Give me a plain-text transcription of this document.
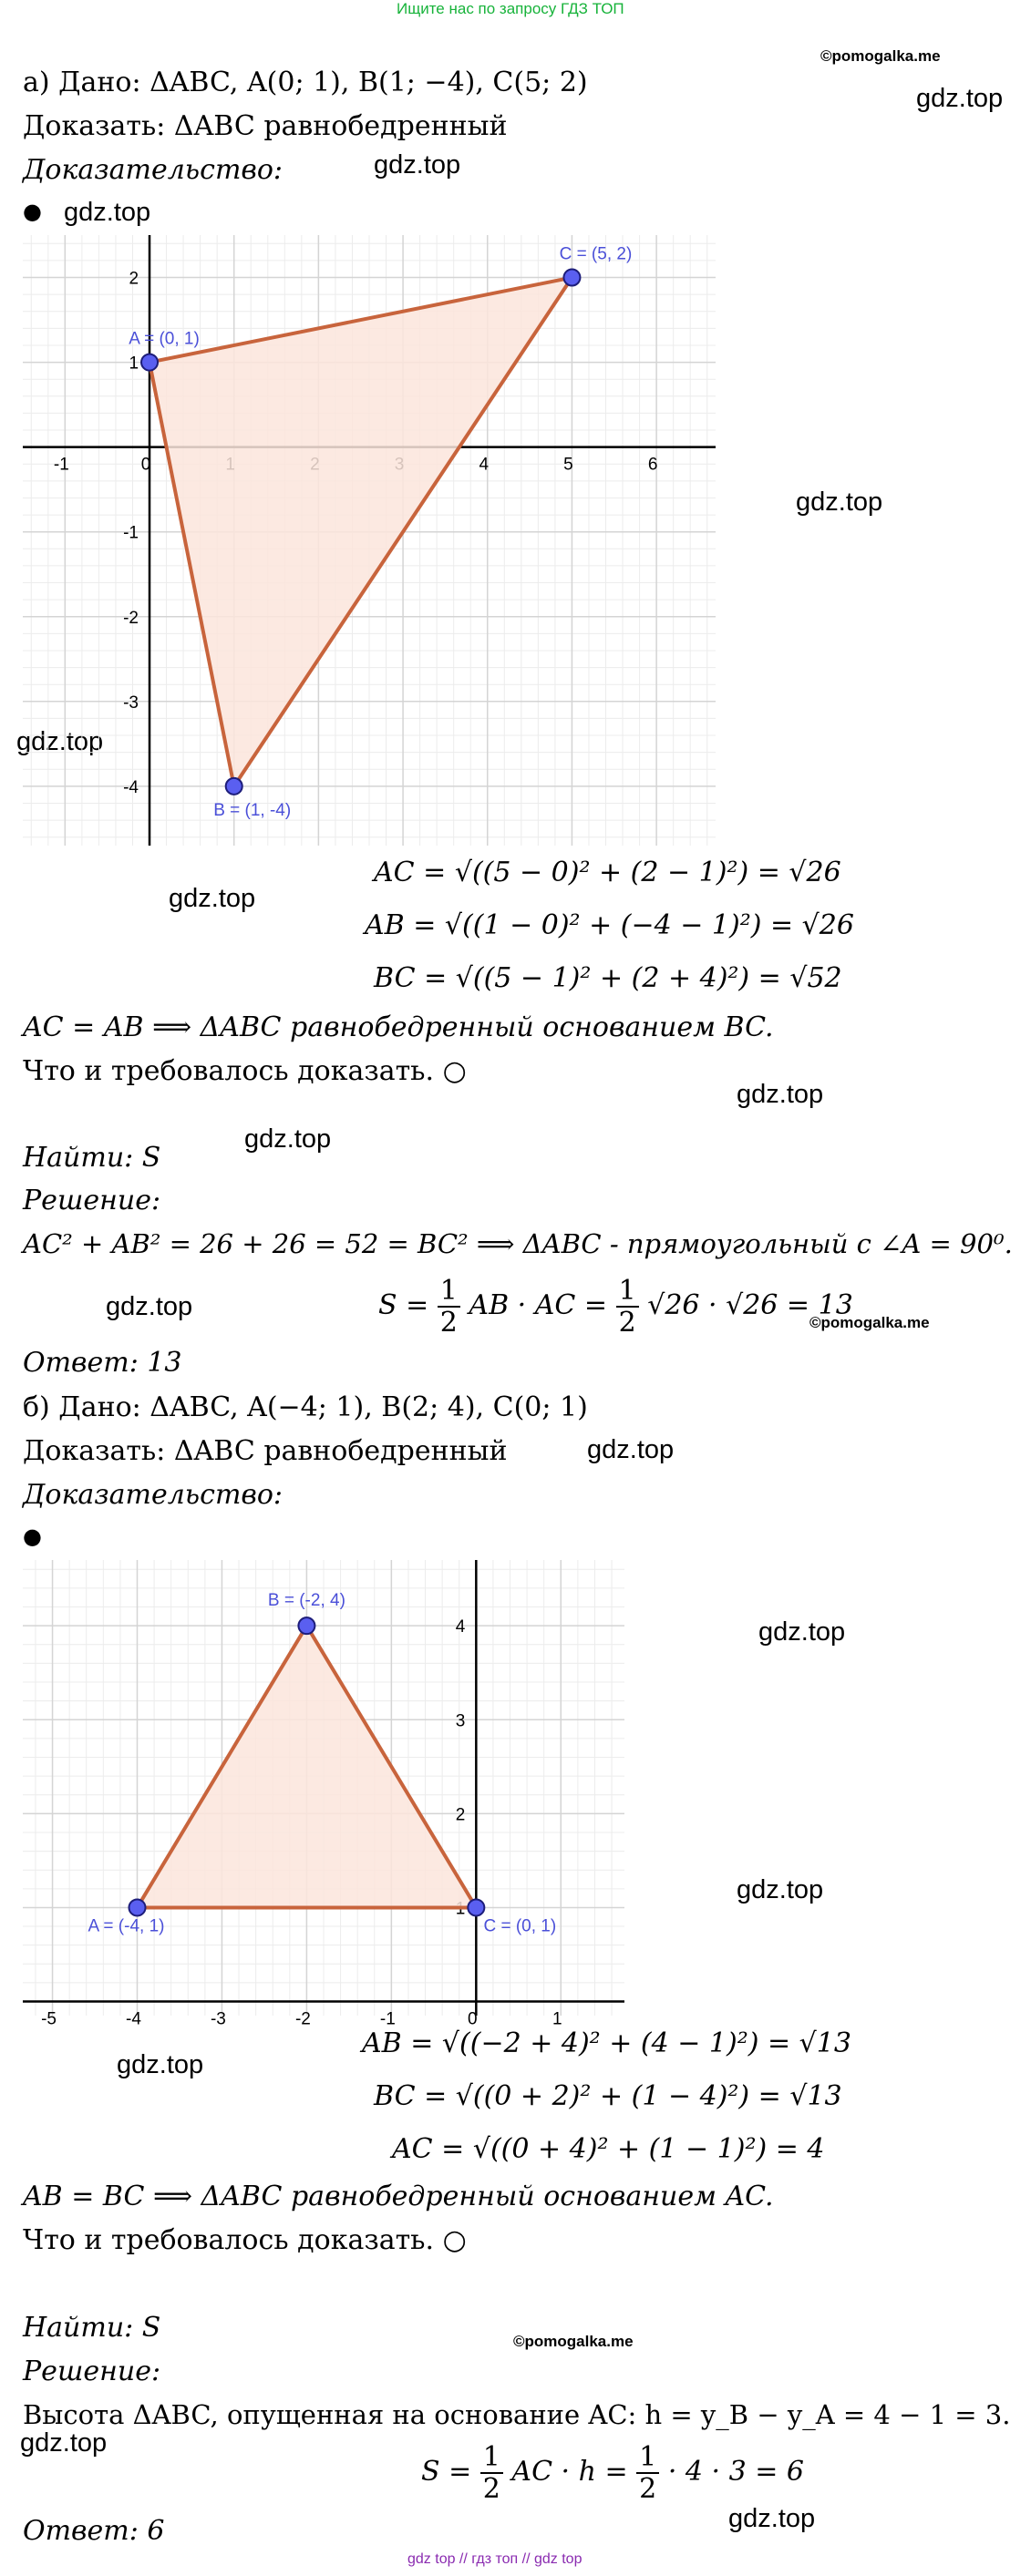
Ищите нас по запросу ГДЗ ТОП
gdz top // гдз топ // gdz top
©pomogalka.me
gdz.top
gdz.top
gdz.top
gdz.top
gdz.top
gdz.top
gdz.top
gdz.top
gdz.top
©pomogalka.me
gdz.top
gdz.top
gdz.top
gdz.top
©pomogalka.me
gdz.top
gdz.top
а) Дано: ΔABC, A(0; 1), B(1; −4), C(5; 2)
Доказать: ΔABC равнобедренный
Доказательство:
●
-1	0	4	5	6
2
1
-1
-2
-3
-4
A = (0, 1)
B = (1, -4)
C = (5, 2)
AC = √((5 − 0)² + (2 − 1)²) = √26
AB = √((1 − 0)² + (−4 − 1)²) = √26
BC = √((5 − 1)² + (2 + 4)²) = √52
AC = AB ⟹ ΔABC равнобедренный основанием BC.
Что и требовалось доказать. ○
Найти: S
Решение:
AC² + AB² = 26 + 26 = 52 = BC² ⟹ ΔABC - прямоугольный с ∠A = 90⁰.
$S = \frac{1}{2}$ AB · AC = $\frac{1}{2} √26 \cdot √26 = 13$
Ответ: 13
б) Дано: ΔABC, A(−4; 1), B(2; 4), C(0; 1)
Доказать: ΔABC равнобедренный
Доказательство:
●
-5	-4	-3	-2	-1	0	1
4
3
2
A = (-4, 1)
B = (-2, 4)
C = (0, 1)
AB = √((−2 + 4)² + (4 − 1)²) = √13
BC = √((0 + 2)² + (1 − 4)²) = √13
AC = √((0 + 4)² + (1 − 1)²) = 4
AB = BC ⟹ ΔABC равнобедренный основанием AC.
Что и требовалось доказать. ○
Найти: S
Решение:
Высота ΔABC, опущенная на основание AC: h = y_B − y_A = 4 − 1 = 3.
$S = \frac{1}{2}$ AC · $h = \frac{1}{2} \cdot 4 \cdot 3 = 6$
Ответ: 6
